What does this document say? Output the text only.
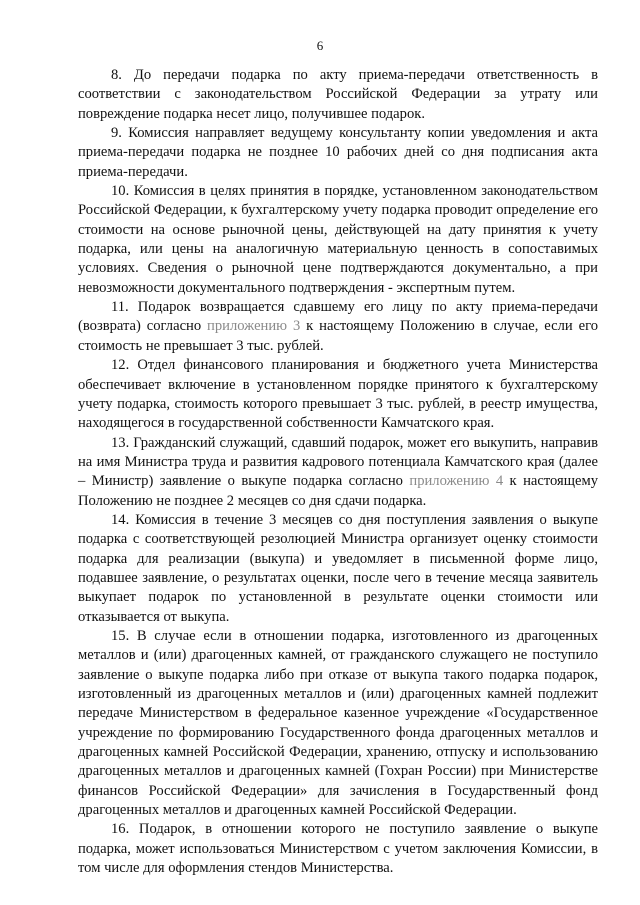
6

8. До передачи подарка по акту приема-передачи ответственность в соответствии с законодательством Российской Федерации за утрату или повреждение подарка несет лицо, получившее подарок.

9. Комиссия направляет ведущему консультанту копии уведомления и акта приема-передачи подарка не позднее 10 рабочих дней со дня подписания акта приема-передачи.

10. Комиссия в целях принятия в порядке, установленном законодательством Российской Федерации, к бухгалтерскому учету подарка проводит определение его стоимости на основе рыночной цены, действующей на дату принятия к учету подарка, или цены на аналогичную материальную ценность в сопоставимых условиях. Сведения о рыночной цене подтверждаются документально, а при невозможности документального подтверждения - экспертным путем.

11. Подарок возвращается сдавшему его лицу по акту приема-передачи (возврата) согласно приложению 3 к настоящему Положению в случае, если его стоимость не превышает 3 тыс. рублей.

12. Отдел финансового планирования и бюджетного учета Министерства обеспечивает включение в установленном порядке принятого к бухгалтерскому учету подарка, стоимость которого превышает 3 тыс. рублей, в реестр имущества, находящегося в государственной собственности Камчатского края.

13. Гражданский служащий, сдавший подарок, может его выкупить, направив на имя Министра труда и развития кадрового потенциала Камчатского края (далее – Министр) заявление о выкупе подарка согласно приложению 4 к настоящему Положению не позднее 2 месяцев со дня сдачи подарка.

14. Комиссия в течение 3 месяцев со дня поступления заявления о выкупе подарка с соответствующей резолюцией Министра организует оценку стоимости подарка для реализации (выкупа) и уведомляет в письменной форме лицо, подавшее заявление, о результатах оценки, после чего в течение месяца заявитель выкупает подарок по установленной в результате оценки стоимости или отказывается от выкупа.

15. В случае если в отношении подарка, изготовленного из драгоценных металлов и (или) драгоценных камней, от гражданского служащего не поступило заявление о выкупе подарка либо при отказе от выкупа такого подарка подарок, изготовленный из драгоценных металлов и (или) драгоценных камней подлежит передаче Министерством в федеральное казенное учреждение «Государственное учреждение по формированию Государственного фонда драгоценных металлов и драгоценных камней Российской Федерации, хранению, отпуску и использованию драгоценных металлов и драгоценных камней (Гохран России) при Министерстве финансов Российской Федерации» для зачисления в Государственный фонд драгоценных металлов и драгоценных камней Российской Федерации.

16. Подарок, в отношении которого не поступило заявление о выкупе подарка, может использоваться Министерством с учетом заключения Комиссии, в том числе для оформления стендов Министерства.
